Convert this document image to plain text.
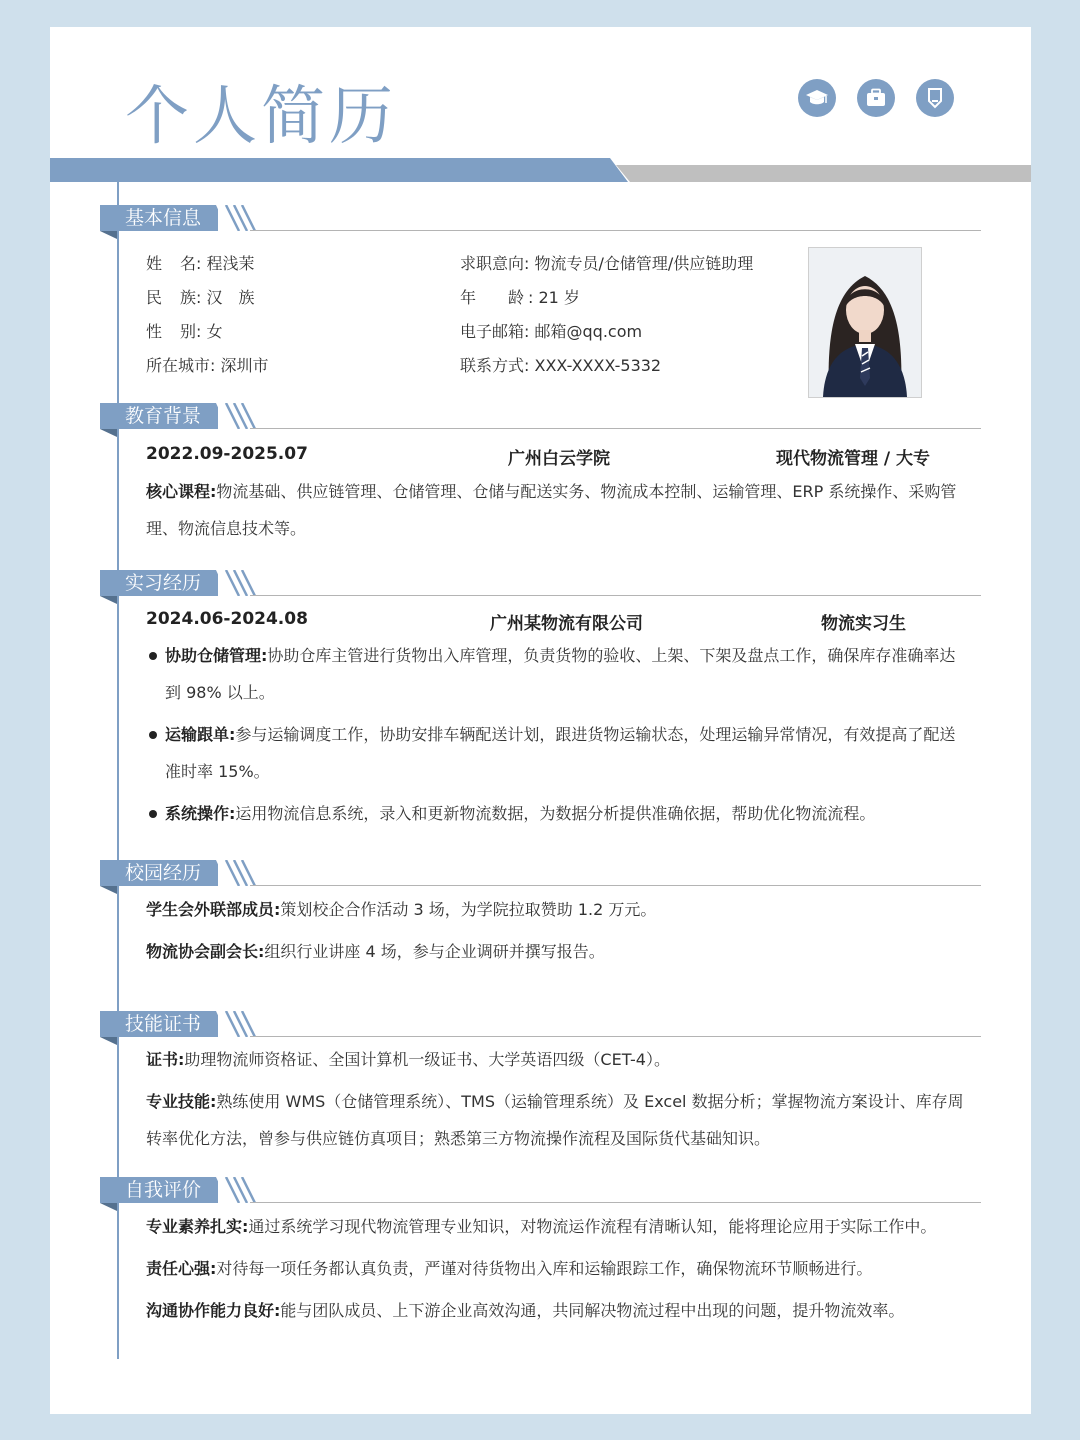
个人简历
基本信息
姓名: 程浅茉
民族: 汉　族
性别: 女
所在城市: 深圳市
求职意向: 物流专员/仓储管理/供应链助理
年　　龄 : 21 岁
电子邮箱: 邮箱@qq.com
联系方式: XXX-XXXX-5332
教育背景
2022.09-2025.07	广州白云学院	现代物流管理 / 大专
核心课程:物流基础、供应链管理、仓储管理、仓储与配送实务、物流成本控制、运输管理、ERP 系统操作、采购管理、物流信息技术等。
实习经历
2024.06-2024.08	广州某物流有限公司	物流实习生
协助仓储管理:协助仓库主管进行货物出入库管理，负责货物的验收、上架、下架及盘点工作，确保库存准确率达到 98% 以上。
运输跟单:参与运输调度工作，协助安排车辆配送计划，跟进货物运输状态，处理运输异常情况，有效提高了配送准时率 15%。
系统操作:运用物流信息系统，录入和更新物流数据，为数据分析提供准确依据，帮助优化物流流程。
校园经历
学生会外联部成员:策划校企合作活动 3 场，为学院拉取赞助 1.2 万元。
物流协会副会长:组织行业讲座 4 场，参与企业调研并撰写报告。
技能证书
证书:助理物流师资格证、全国计算机一级证书、大学英语四级（CET-4）。
专业技能:熟练使用 WMS（仓储管理系统）、TMS（运输管理系统）及 Excel 数据分析；掌握物流方案设计、库存周转率优化方法，曾参与供应链仿真项目；熟悉第三方物流操作流程及国际货代基础知识。
自我评价
专业素养扎实:通过系统学习现代物流管理专业知识，对物流运作流程有清晰认知，能将理论应用于实际工作中。
责任心强:对待每一项任务都认真负责，严谨对待货物出入库和运输跟踪工作，确保物流环节顺畅进行。
沟通协作能力良好:能与团队成员、上下游企业高效沟通，共同解决物流过程中出现的问题，提升物流效率。
